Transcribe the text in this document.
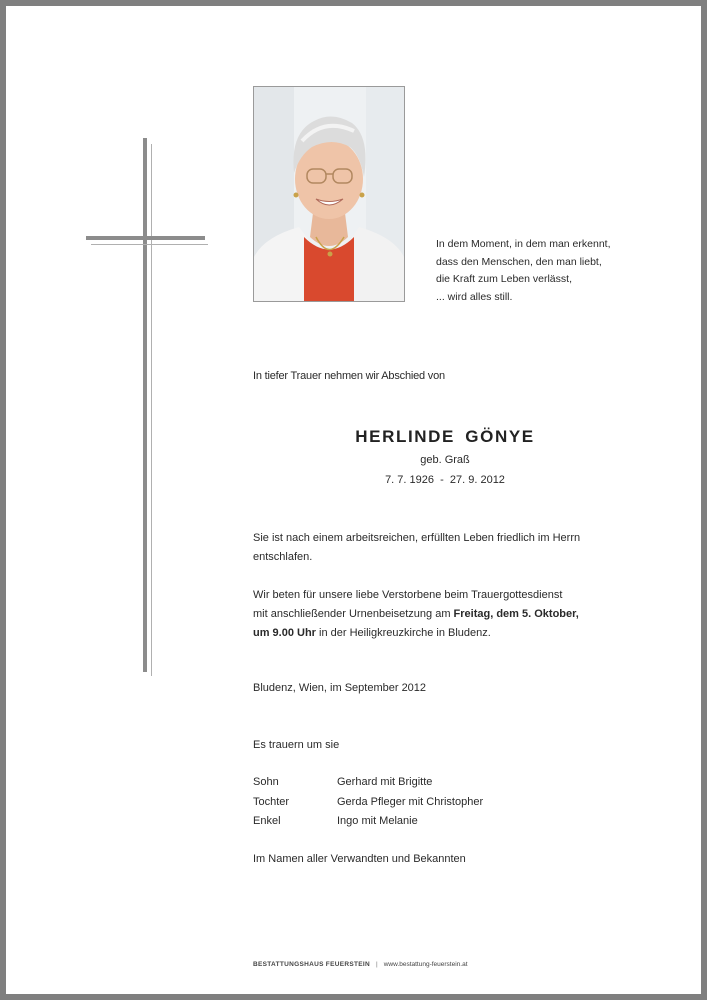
In dem Moment, in dem man erkennt,
dass den Menschen, den man liebt,
die Kraft zum Leben verlässt,
... wird alles still.
In tiefer Trauer nehmen wir Abschied von
HERLINDE GÖNYE
geb. Graß
7. 7. 1926  -  27. 9. 2012
Sie ist nach einem arbeitsreichen, erfüllten Leben friedlich im Herrn
entschlafen.
Wir beten für unsere liebe Verstorbene beim Trauergottesdienst
mit anschließender Urnenbeisetzung am Freitag, dem 5. Oktober,
um 9.00 Uhr in der Heiligkreuzkirche in Bludenz.
Bludenz, Wien, im September 2012
Es trauern um sie
Sohn	Gerhard mit Brigitte
Tochter	Gerda Pfleger mit Christopher
Enkel	Ingo mit Melanie
Im Namen aller Verwandten und Bekannten
BESTATTUNGSHAUS FEUERSTEIN | www.bestattung-feuerstein.at
